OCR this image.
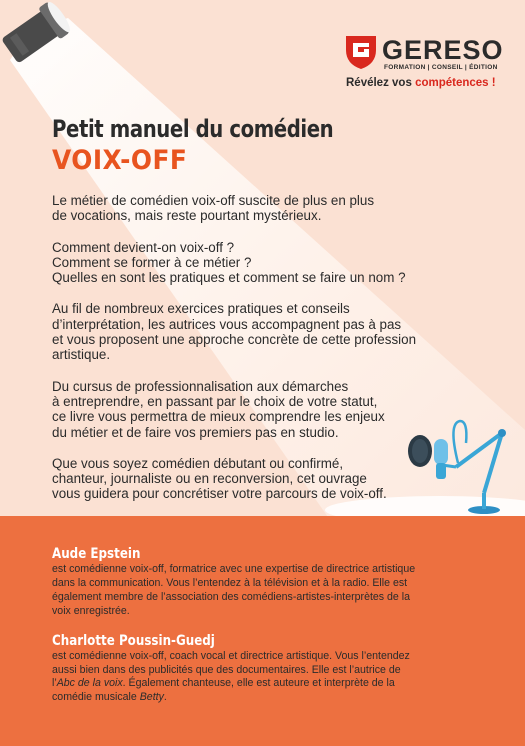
GERESO
FORMATION | CONSEIL | ÉDITION
Révélez vos compétences !
Petit manuel du comédien
VOIX-OFF

Le métier de comédien voix-off suscite de plus en plus
de vocations, mais reste pourtant mystérieux.

Comment devient-on voix-off ?
Comment se former à ce métier ?
Quelles en sont les pratiques et comment se faire un nom ?

Au fil de nombreux exercices pratiques et conseils
d’interprétation, les autrices vous accompagnent pas à pas
et vous proposent une approche concrète de cette profession
artistique.

Du cursus de professionnalisation aux démarches
à entreprendre, en passant par le choix de votre statut,
ce livre vous permettra de mieux comprendre les enjeux
du métier et de faire vos premiers pas en studio.

Que vous soyez comédien débutant ou confirmé,
chanteur, journaliste ou en reconversion, cet ouvrage
vous guidera pour concrétiser votre parcours de voix-off.

Aude Epstein

est comédienne voix-off, formatrice avec une expertise de directrice artistique dans la communication. Vous l’entendez à la télévision et à la radio. Elle est également membre de l’association des comédiens-artistes-interprètes de la voix enregistrée.

Charlotte Poussin-Guedj

est comédienne voix-off, coach vocal et directrice artistique. Vous l’entendez aussi bien dans des publicités que des documentaires. Elle est l’autrice de l’Abc de la voix. Également chanteuse, elle est auteure et interprète de la comédie musicale Betty.
